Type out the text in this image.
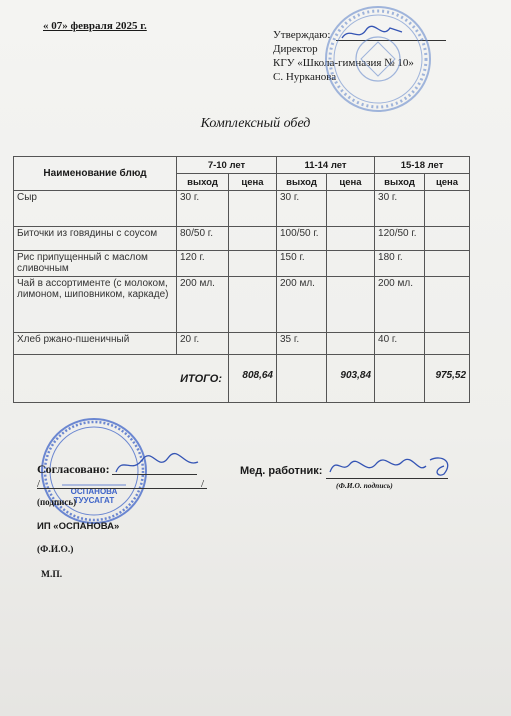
« 07» февраля 2025 г.
Утверждаю:
Директор
КГУ «Школа-гимназия № 10»
С. Нурканова
Комплексный обед
Наименование блюд	7-10 лет		11-14 лет		15-18 лет	
	выход	цена	выход	цена	выход	цена
Сыр	30 г.		30 г.		30 г.	
Биточки из говядины с соусом	80/50 г.		100/50 г.		120/50 г.	
Рис припущенный с маслом сливочным	120 г.		150 г.		180 г.	
Чай в ассортименте (с молоком, лимоном, шиповником, каркаде)	200 мл.		200 мл.		200 мл.	
Хлеб ржано-пшеничный	20 г.		35 г.		40 г.	
ИТОГО:		808,64		903,84		975,52
ОСПАНОВА
ТУУСАГАТ
Согласовано:
/	/
(подпись)
ИП «ОСПАНОВА»
(Ф.И.О.)
М.П.
Мед. работник:
(Ф.И.О. подпись)
